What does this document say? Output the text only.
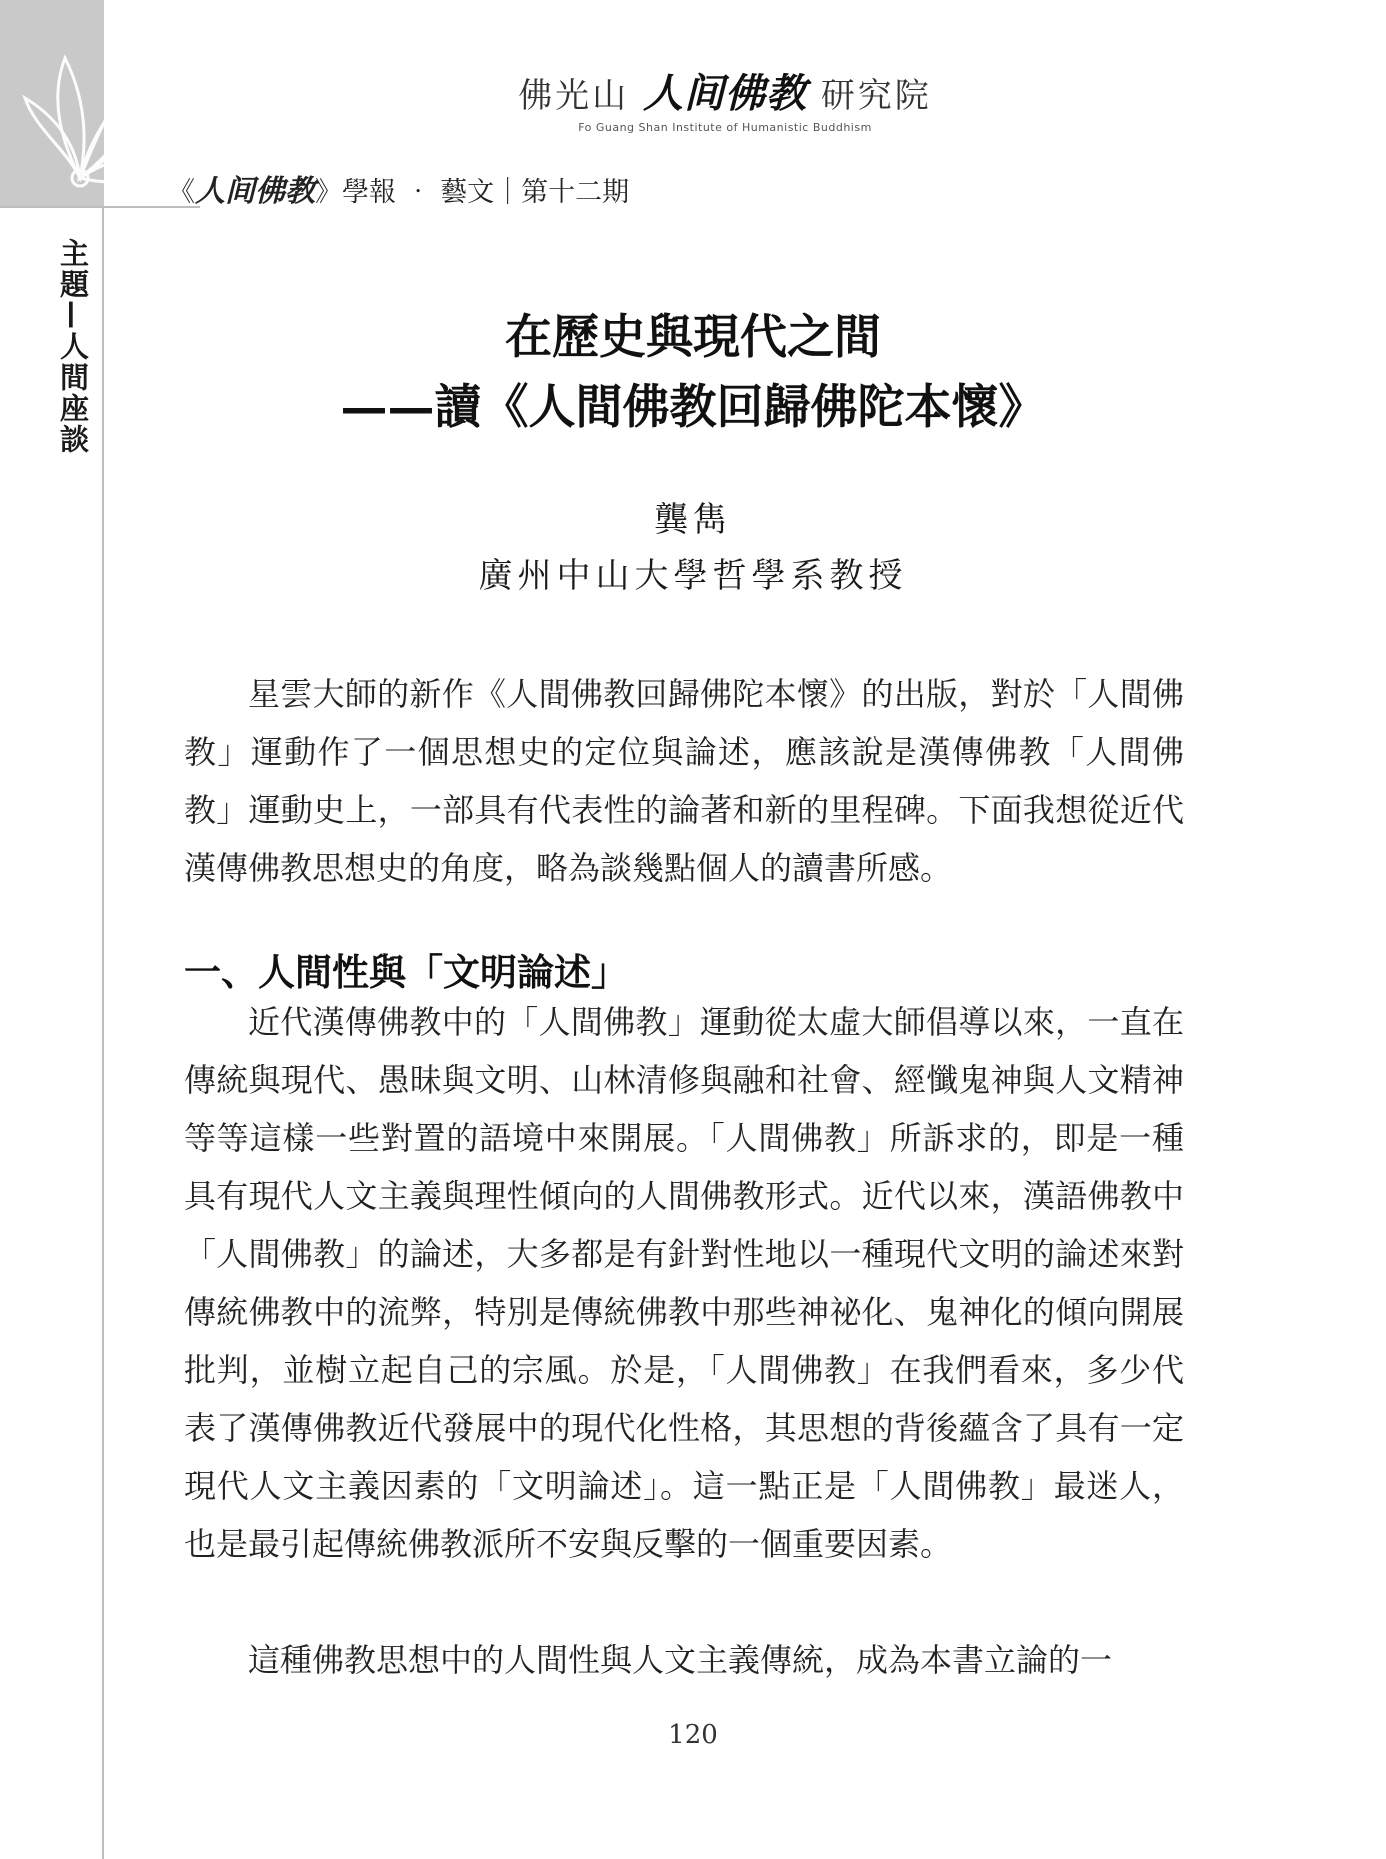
主題—人間座談
佛光山 人间佛教 研究院
Fo Guang Shan Institute of Humanistic Buddhism
《人间佛教》學報 ‧ 藝文｜第十二期
在歷史與現代之間
——讀《人間佛教回歸佛陀本懷》
龔雋
廣州中山大學哲學系教授

星雲大師的新作《人間佛教回歸佛陀本懷》的出版，對於「人間佛教」運動作了一個思想史的定位與論述，應該說是漢傳佛教「人間佛教」運動史上，一部具有代表性的論著和新的里程碑。下面我想從近代漢傳佛教思想史的角度，略為談幾點個人的讀書所感。

一、人間性與「文明論述」

近代漢傳佛教中的「人間佛教」運動從太虛大師倡導以來，一直在傳統與現代、愚昧與文明、山林清修與融和社會、經懺鬼神與人文精神等等這樣一些對置的語境中來開展。「人間佛教」所訴求的，即是一種具有現代人文主義與理性傾向的人間佛教形式。近代以來，漢語佛教中「人間佛教」的論述，大多都是有針對性地以一種現代文明的論述來對傳統佛教中的流弊，特別是傳統佛教中那些神祕化、鬼神化的傾向開展批判，並樹立起自己的宗風。於是，「人間佛教」在我們看來，多少代表了漢傳佛教近代發展中的現代化性格，其思想的背後蘊含了具有一定現代人文主義因素的「文明論述」。這一點正是「人間佛教」最迷人，也是最引起傳統佛教派所不安與反擊的一個重要因素。

這種佛教思想中的人間性與人文主義傳統，成為本書立論的一

120
